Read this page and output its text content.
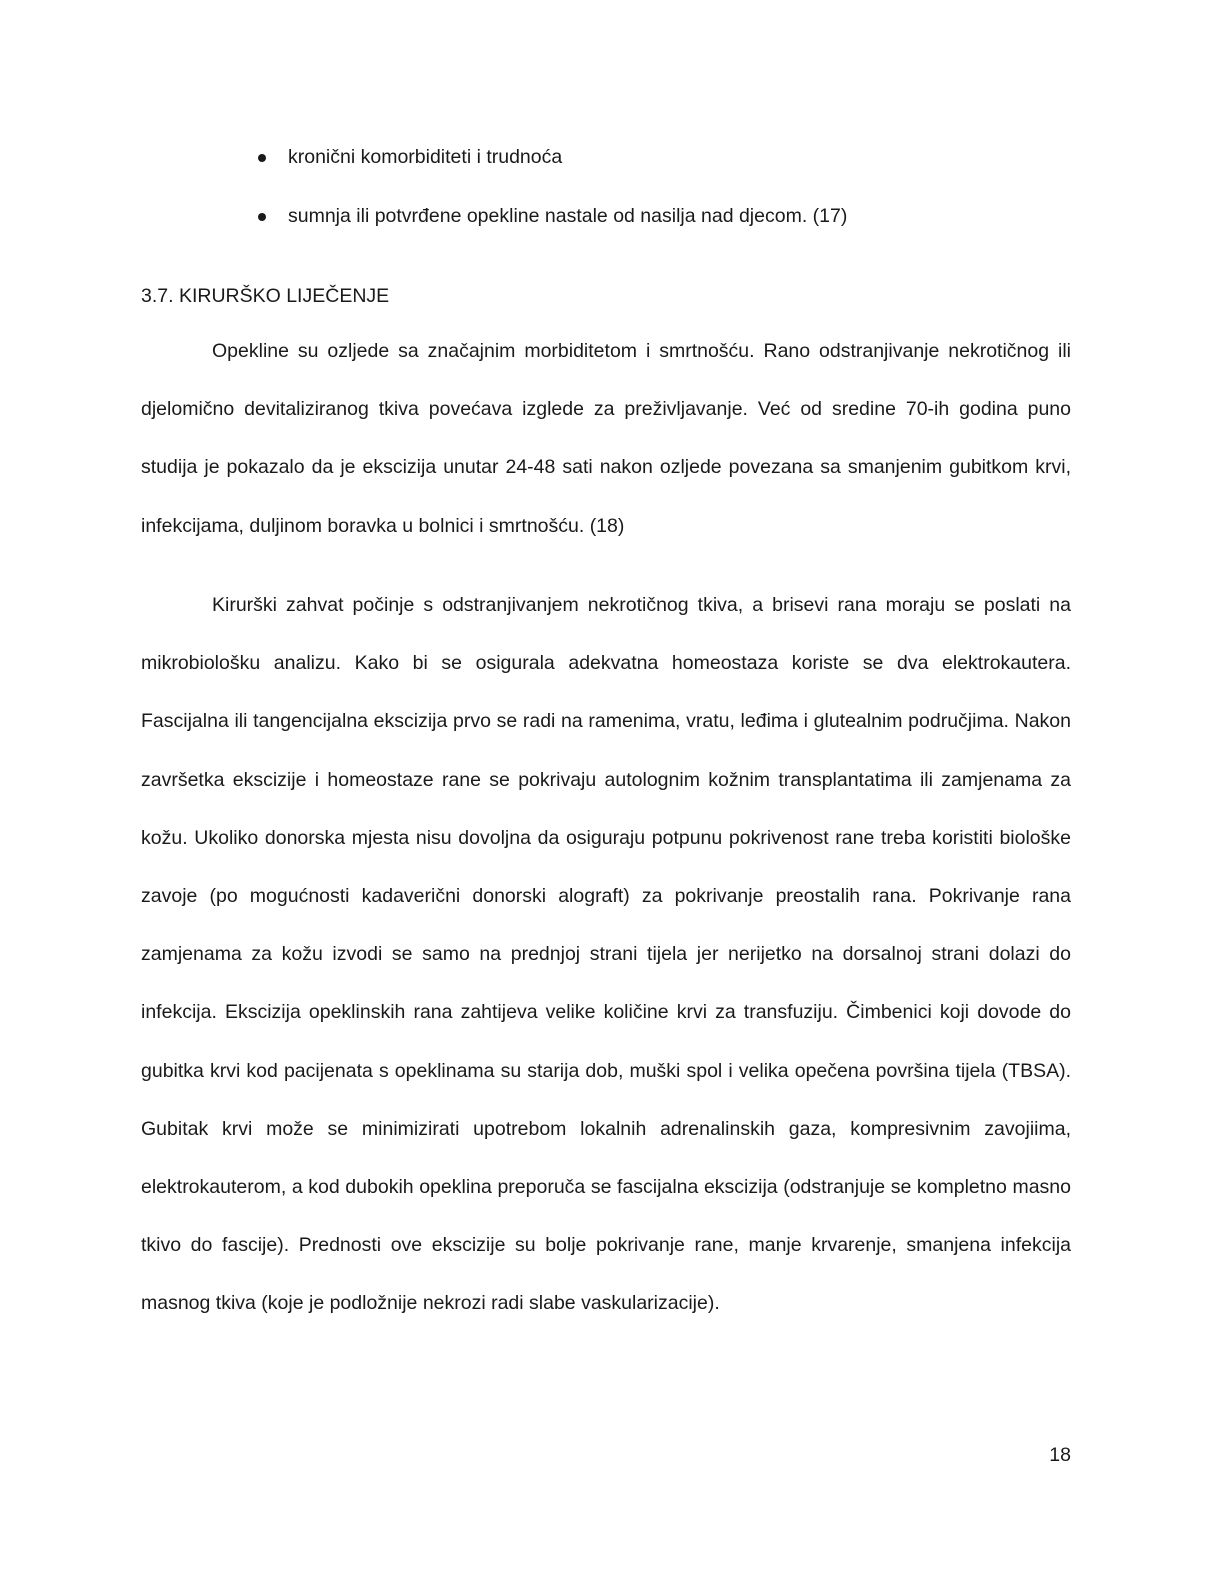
kronični komorbiditeti i trudnoća
sumnja ili potvrđene opekline nastale od nasilja nad djecom. (17)
3.7. KIRURŠKO LIJEČENJE

Opekline su ozljede sa značajnim morbiditetom i smrtnošću. Rano odstranjivanje nekrotičnog ili djelomično devitaliziranog tkiva povećava izglede za preživljavanje. Već od sredine 70-ih godina puno studija je pokazalo da je ekscizija unutar 24-48 sati nakon ozljede povezana sa smanjenim gubitkom krvi, infekcijama, duljinom boravka u bolnici i smrtnošću. (18)

Kirurški zahvat počinje s odstranjivanjem nekrotičnog tkiva, a brisevi rana moraju se poslati na mikrobiološku analizu. Kako bi se osigurala adekvatna homeostaza koriste se dva elektrokautera. Fascijalna ili tangencijalna ekscizija prvo se radi na ramenima, vratu, leđima i glutealnim područjima. Nakon završetka ekscizije i homeostaze rane se pokrivaju autolognim kožnim transplantatima ili zamjenama za kožu. Ukoliko donorska mjesta nisu dovoljna da osiguraju potpunu pokrivenost rane treba koristiti biološke zavoje (po mogućnosti kadaverični donorski alograft) za pokrivanje preostalih rana. Pokrivanje rana zamjenama za kožu izvodi se samo na prednjoj strani tijela jer nerijetko na dorsalnoj strani dolazi do infekcija. Ekscizija opeklinskih rana zahtijeva velike količine krvi za transfuziju. Čimbenici koji dovode do gubitka krvi kod pacijenata s opeklinama su starija dob, muški spol i velika opečena površina tijela (TBSA). Gubitak krvi može se minimizirati upotrebom lokalnih adrenalinskih gaza, kompresivnim zavojiima, elektrokauterom, a kod dubokih opeklina preporuča se fascijalna ekscizija (odstranjuje se kompletno masno tkivo do fascije). Prednosti ove ekscizije su bolje pokrivanje rane, manje krvarenje, smanjena infekcija masnog tkiva (koje je podložnije nekrozi radi slabe vaskularizacije).

18
